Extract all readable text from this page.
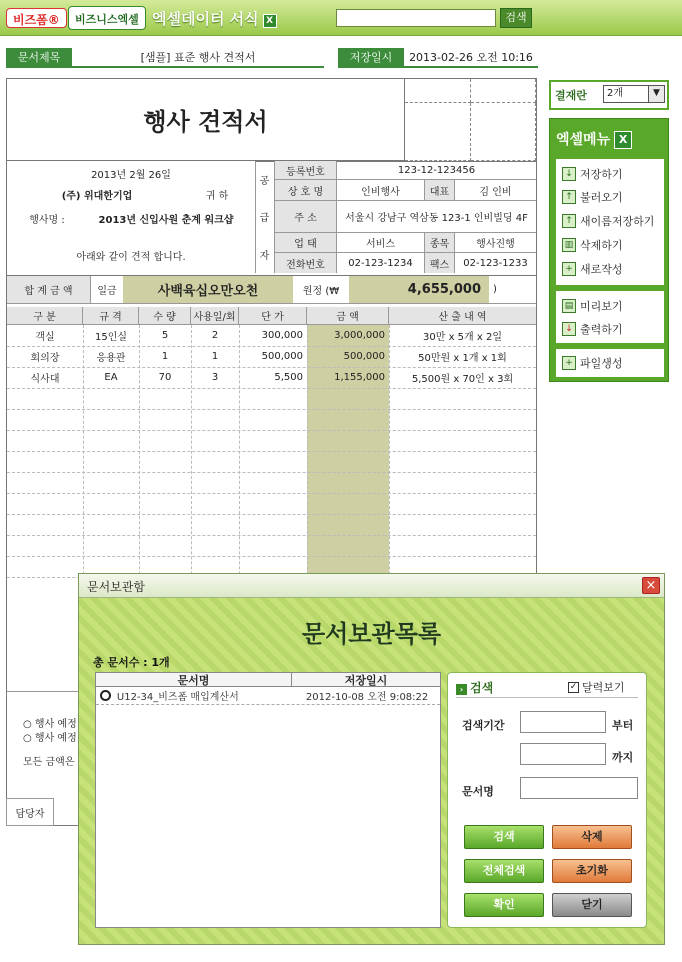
비즈폼®	비즈니스엑셀 엑셀데이터 서식 X	검색
문서제목	[샘플] 표준 행사 견적서	저장일시	2013-02-26 오전 10:16
행사 견적서
2013년 2월 26일
(주) 위대한기업	귀 하
행사명 :	2013년 신입사원 춘계 워크샵
아래와 같이 견적 합니다.
공
급
자
등록번호	123-12-123456
상 호 명	인비행사	대표	김 인비
주 소	서울시 강남구 역삼동 123-1 인비빌딩 4F
업 태	서비스	종목	행사진행
전화번호	02-123-1234	팩스	02-123-1233
합 계 금 액	일금	사백육십오만오천	원정 (₩	4,655,000	)
구 분	규 격	수 량	사용일/회	단 가	금 액	산 출 내 역
객실	15인실	5	2	300,000	3,000,000	30만 x 5개 x 2일
회의장	응용관	1	1	500,000	500,000	50만원 x 1개 x 1회
식사대	EA	70	3	5,500	1,155,000	5,500원 x 70인 x 3회
○ 행사 예정
○ 행사 예정
모든 금액은
담당자
결재란	2개	▼
엑셀메뉴 X
↓ 저장하기
↑ 불러오기
↑ 새이름저장하기
▥ 삭제하기
+ 새로작성
▤ 미리보기
↓ 출력하기
+ 파일생성
문서보관함	×
문서보관목록
총 문서수 : 1개
문서명	저장일시
U12-34_비즈폼 매입계산서	2012-10-08 오전 9:08:22
› 검색	✓ 달력보기
검색기간	부터
까지
문서명
검색	삭제
전체검색	초기화
확인	닫기
